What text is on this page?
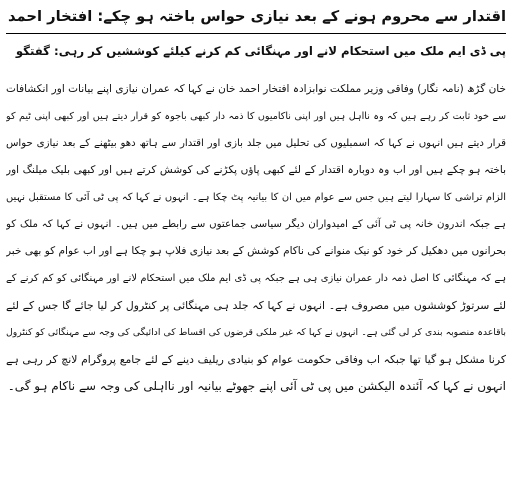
اقتدار سے محروم ہونے کے بعد نیازی حواس باختہ ہو چکے: افتخار احمد
پی ڈی ایم ملک میں استحکام لانے اور مہنگائی کم کرنے کیلئے کوششیں کر رہی: گفتگو
خان گڑھ (نامہ نگار) وفاقی وزیر مملکت نوابزادہ افتخار احمد خان نے کہا کہ عمران نیازی اپنے بیانات اور انکشافات
سے خود ثابت کر رہے ہیں کہ وہ نااہل ہیں اور اپنی ناکامیوں کا ذمہ دار کبھی باجوہ کو قرار دیتے ہیں اور کبھی اپنی ٹیم کو
قرار دیتے ہیں انہوں نے کہا کہ اسمبلیوں کی تحلیل میں جلد بازی اور اقتدار سے ہاتھ دھو بیٹھنے کے بعد نیازی حواس
باختہ ہو چکے ہیں اور اب وہ دوبارہ اقتدار کے لئے کبھی پاؤں پکڑنے کی کوشش کرتے ہیں اور کبھی بلیک میلنگ اور
الزام تراشی کا سہارا لیتے ہیں جس سے عوام میں ان کا بیانیہ پٹ چکا ہے۔ انہوں نے کہا کہ پی ٹی آئی کا مستقبل نہیں
ہے جبکہ اندرون خانہ پی ٹی آئی کے امیدواران دیگر سیاسی جماعتوں سے رابطے میں ہیں۔ انہوں نے کہا کہ ملک کو
بحرانوں میں دھکیل کر خود کو نیک منوانے کی ناکام کوشش کے بعد نیازی فلاپ ہو چکا ہے اور اب عوام کو بھی خبر
ہے کہ مہنگائی کا اصل ذمہ دار عمران نیازی ہی ہے جبکہ پی ڈی ایم ملک میں استحکام لانے اور مہنگائی کو کم کرنے کے
لئے سرتوڑ کوششوں میں مصروف ہے۔ انہوں نے کہا کہ جلد ہی مہنگائی پر کنٹرول کر لیا جائے گا جس کے لئے
باقاعدہ منصوبہ بندی کر لی گئی ہے۔ انہوں نے کہا کہ غیر ملکی قرضوں کی اقساط کی ادائیگی کی وجہ سے مہنگائی کو کنٹرول
کرنا مشکل ہو گیا تھا جبکہ اب وفاقی حکومت عوام کو بنیادی ریلیف دینے کے لئے جامع پروگرام لانچ کر رہی ہے
انہوں نے کہا کہ آئندہ الیکشن میں پی ٹی آئی اپنے جھوٹے بیانیہ اور نااہلی کی وجہ سے ناکام ہو گی۔
